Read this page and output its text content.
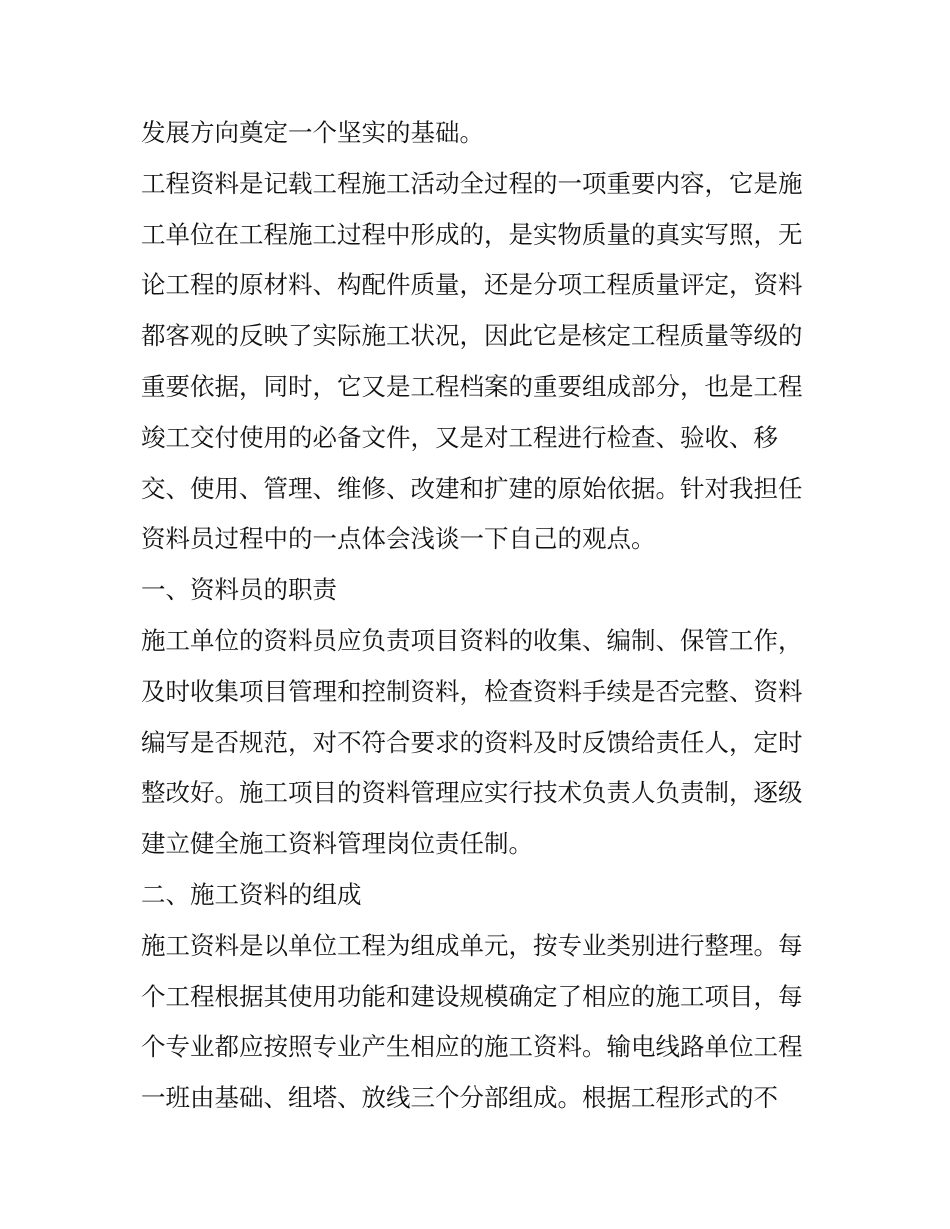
发展方向奠定一个坚实的基础。
工程资料是记载工程施工活动全过程的一项重要内容，它是施
工单位在工程施工过程中形成的，是实物质量的真实写照，无
论工程的原材料、构配件质量，还是分项工程质量评定，资料
都客观的反映了实际施工状况，因此它是核定工程质量等级的
重要依据，同时，它又是工程档案的重要组成部分，也是工程
竣工交付使用的必备文件，又是对工程进行检查、验收、移
交、使用、管理、维修、改建和扩建的原始依据。针对我担任
资料员过程中的一点体会浅谈一下自己的观点。
一、资料员的职责
施工单位的资料员应负责项目资料的收集、编制、保管工作，
及时收集项目管理和控制资料，检查资料手续是否完整、资料
编写是否规范，对不符合要求的资料及时反馈给责任人，定时
整改好。施工项目的资料管理应实行技术负责人负责制，逐级
建立健全施工资料管理岗位责任制。
二、施工资料的组成
施工资料是以单位工程为组成单元，按专业类别进行整理。每
个工程根据其使用功能和建设规模确定了相应的施工项目，每
个专业都应按照专业产生相应的施工资料。输电线路单位工程
一班由基础、组塔、放线三个分部组成。根据工程形式的不
